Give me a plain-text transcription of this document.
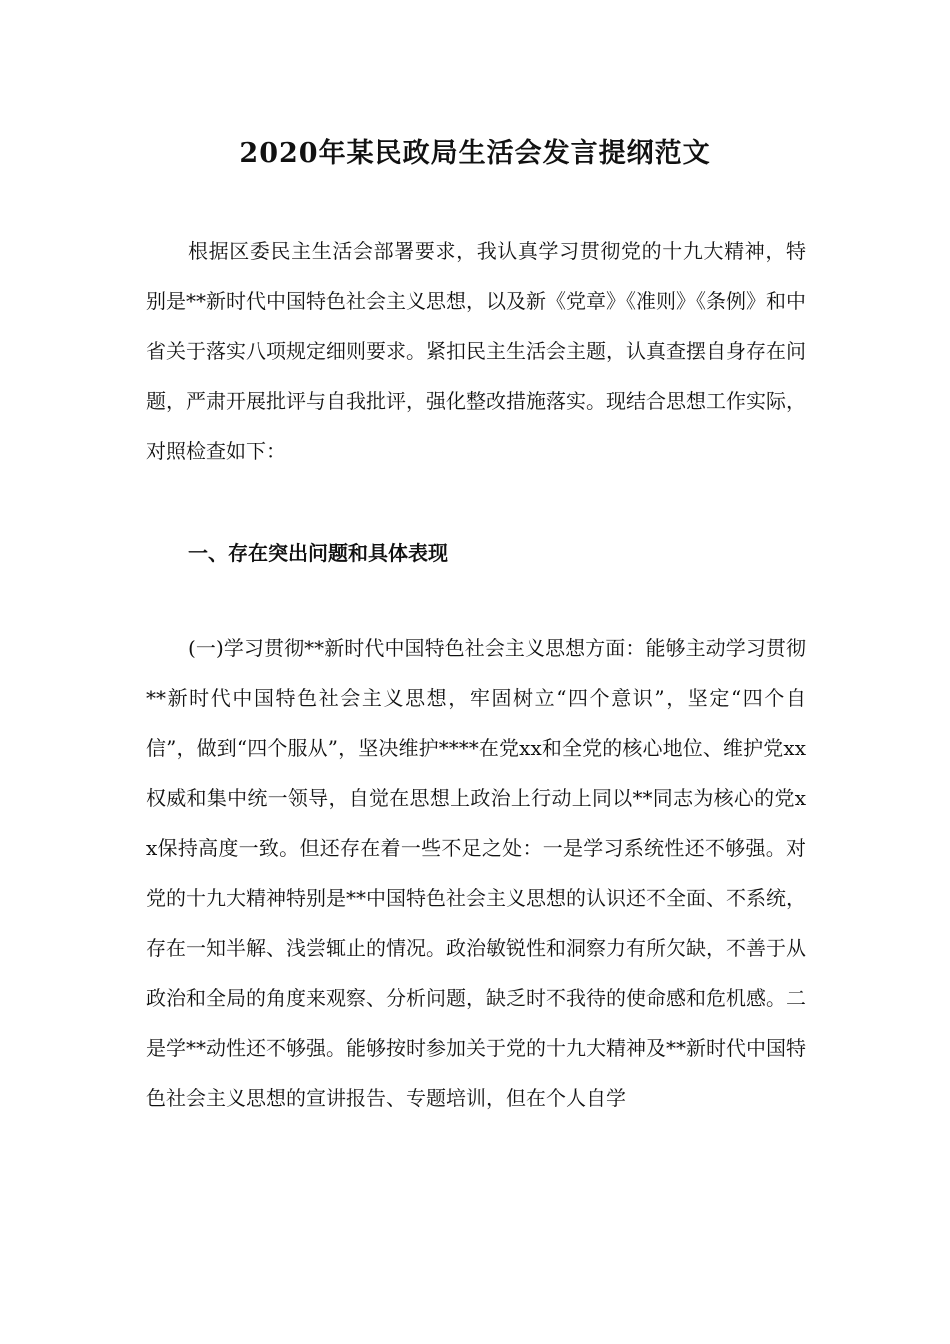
2020年某民政局生活会发言提纲范文

根据区委民主生活会部署要求，我认真学习贯彻党的十九大精神，特别是**新时代中国特色社会主义思想，以及新《党章》《准则》《条例》和中省关于落实八项规定细则要求。紧扣民主生活会主题，认真查摆自身存在问题，严肃开展批评与自我批评，强化整改措施落实。现结合思想工作实际，对照检查如下：

一、存在突出问题和具体表现

(一)学习贯彻**新时代中国特色社会主义思想方面：能够主动学习贯彻**新时代中国特色社会主义思想，牢固树立“四个意识”，坚定“四个自信”，做到“四个服从”，坚决维护****在党xx和全党的核心地位、维护党xx权威和集中统一领导，自觉在思想上政治上行动上同以**同志为核心的党xx保持高度一致。但还存在着一些不足之处：一是学习系统性还不够强。对党的十九大精神特别是**中国特色社会主义思想的认识还不全面、不系统，存在一知半解、浅尝辄止的情况。政治敏锐性和洞察力有所欠缺，不善于从政治和全局的角度来观察、分析问题，缺乏时不我待的使命感和危机感。二是学**动性还不够强。能够按时参加关于党的十九大精神及**新时代中国特色社会主义思想的宣讲报告、专题培训，但在个人自学
